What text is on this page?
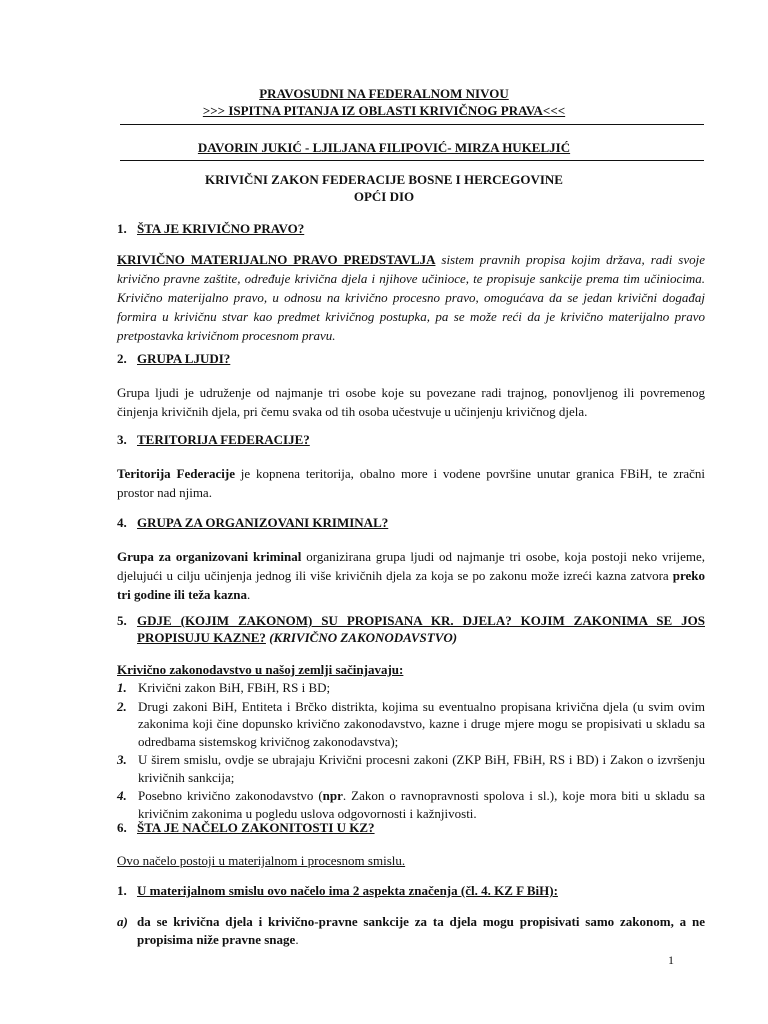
PRAVOSUDNI NA FEDERALNOM NIVOU
>>> ISPITNA PITANJA IZ OBLASTI KRIVIČNOG PRAVA<<<
DAVORIN JUKIĆ - LJILJANA FILIPOVIĆ- MIRZA HUKELJIĆ
KRIVIČNI ZAKON FEDERACIJE BOSNE I HERCEGOVINE
OPĆI DIO
1. ŠTA JE KRIVIČNO PRAVO?
KRIVIČNO MATERIJALNO PRAVO PREDSTAVLJA sistem pravnih propisa kojim država, radi svoje krivično pravne zaštite, određuje krivična djela i njihove učinioce, te propisuje sankcije prema tim učiniocima. Krivično materijalno pravo, u odnosu na krivično procesno pravo, omogućava da se jedan krivični događaj formira u krivičnu stvar kao predmet krivičnog postupka, pa se može reći da je krivično materijalno pravo pretpostavka krivičnom procesnom pravu.
2. GRUPA LJUDI?
Grupa ljudi je udruženje od najmanje tri osobe koje su povezane radi trajnog, ponovljenog ili povremenog činjenja krivičnih djela, pri čemu svaka od tih osoba učestvuje u učinjenju krivičnog djela.
3. TERITORIJA FEDERACIJE?
Teritorija Federacije je kopnena teritorija, obalno more i vodene površine unutar granica FBiH, te zračni prostor nad njima.
4. GRUPA ZA ORGANIZOVANI KRIMINAL?
Grupa za organizovani kriminal organizirana grupa ljudi od najmanje tri osobe, koja postoji neko vrijeme, djelujući u cilju učinjenja jednog ili više krivičnih djela za koja se po zakonu može izreći kazna zatvora preko tri godine ili teža kazna.
5. GDJE (KOJIM ZAKONOM) SU PROPISANA KR. DJELA? KOJIM ZAKONIMA SE JOS PROPISUJU KAZNE? (KRIVIČNO ZAKONODAVSTVO)
Krivično zakonodavstvo u našoj zemlji sačinjavaju:
1. Krivični zakon BiH, FBiH, RS i BD;
2. Drugi zakoni BiH, Entiteta i Brčko distrikta, kojima su eventualno propisana krivična djela (u svim ovim zakonima koji čine dopunsko krivično zakonodavstvo, kazne i druge mjere mogu se propisivati u skladu sa odredbama sistemskog krivičnog zakonodavstva);
3. U širem smislu, ovdje se ubrajaju Krivični procesni zakoni (ZKP BiH, FBiH, RS i BD) i Zakon o izvršenju krivičnih sankcija;
4. Posebno krivično zakonodavstvo (npr. Zakon o ravnopravnosti spolova i sl.), koje mora biti u skladu sa krivičnim zakonima u pogledu uslova odgovornosti i kažnjivosti.
6. ŠTA JE NAČELO ZAKONITOSTI U KZ?
Ovo načelo postoji u materijalnom i procesnom smislu.
1. U materijalnom smislu ovo načelo ima 2 aspekta značenja (čl. 4. KZ F BiH):
a) da se krivična djela i krivično-pravne sankcije za ta djela mogu propisivati samo zakonom, a ne propisima niže pravne snage.
1
